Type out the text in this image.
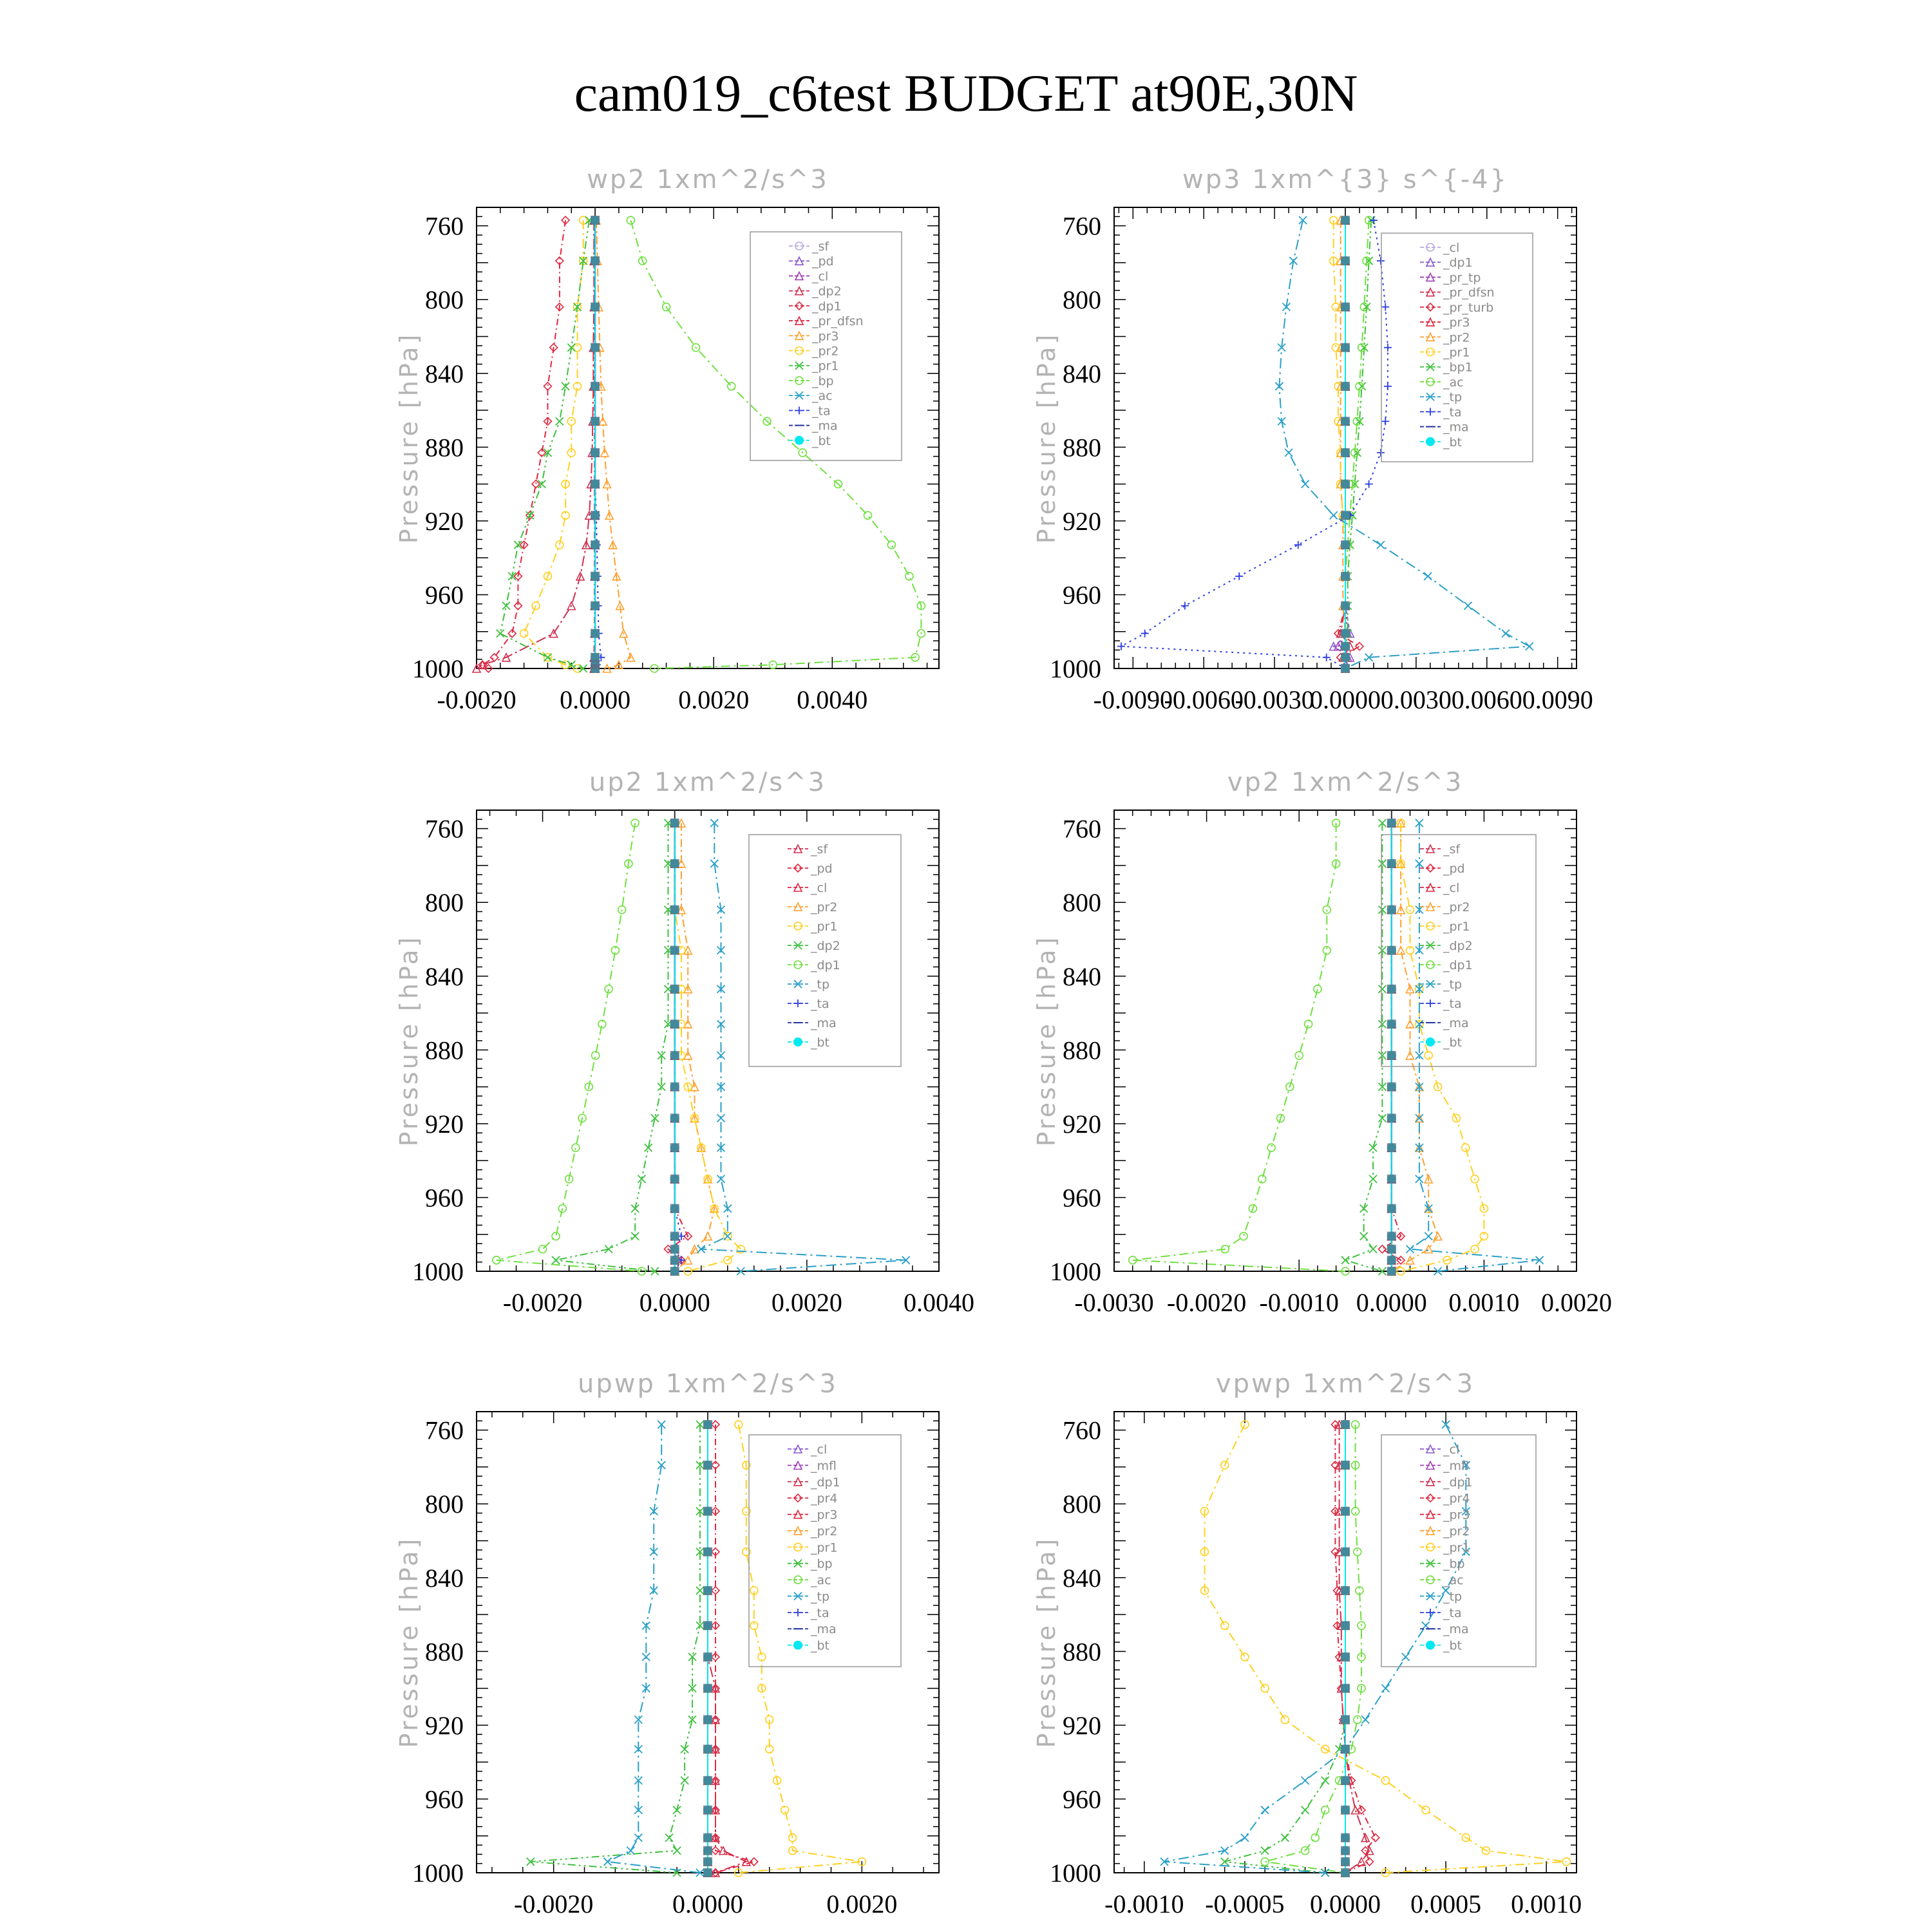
cam019_c6test BUDGET at90E,30N
wp2 1xm^2/s^3
Pressure [hPa]
760
800
840
880
920
960
1000
-0.0020 0.0000 0.0020 0.0040
_sf
_pd
_cl
_dp2
_dp1
_pr_dfsn
_pr3
_pr2
_pr1
_bp
_ac
_ta
_ma
_bt
wp3 1xm^{3} s^{-4}
Pressure [hPa]
760
800
840
880
920
960
1000
-0.0090
-0.0060
-0.0030
0.0000 0.0030 0.0060 0.0090
_cl
_dp1
_pr_tp
_pr_dfsn
_pr_turb
_pr3
_pr2
_pr1
_bp1
_ac
_tp
_ta
_ma
_bt
up2 1xm^2/s^3
Pressure [hPa]
760
800
840
880
920
960
1000
-0.0020 0.0000 0.0020 0.0040
_sf
_pd
_cl
_pr2
_pr1
_dp2
_dp1
_tp
_ta
_ma
_bt
vp2 1xm^2/s^3
Pressure [hPa]
760
800
840
880
920
960
1000
-0.0030 -0.0020 -0.0010 0.0000 0.0010 0.0020
_sf
_pd
_cl
_pr2
_pr1
_dp2
_dp1
_tp
_ta
_ma
_bt
upwp 1xm^2/s^3
Pressure [hPa]
760
800
840
880
920
960
1000
-0.0020	0.0000	0.0020
_cl
_mfl
_dp1
_pr4
_pr3
_pr2
_pr1
_bp
_ac
_tp
_ta
_ma
_bt
vpwp 1xm^2/s^3
Pressure [hPa]
760
800
840
880
920
960
1000
-0.0010 -0.0005 0.0000 0.0005 0.0010
_cl
_mfl
_dp1
_pr4
_pr3
_pr2
_pr1
_bp
_ac
_tp
_ta
_ma
_bt
